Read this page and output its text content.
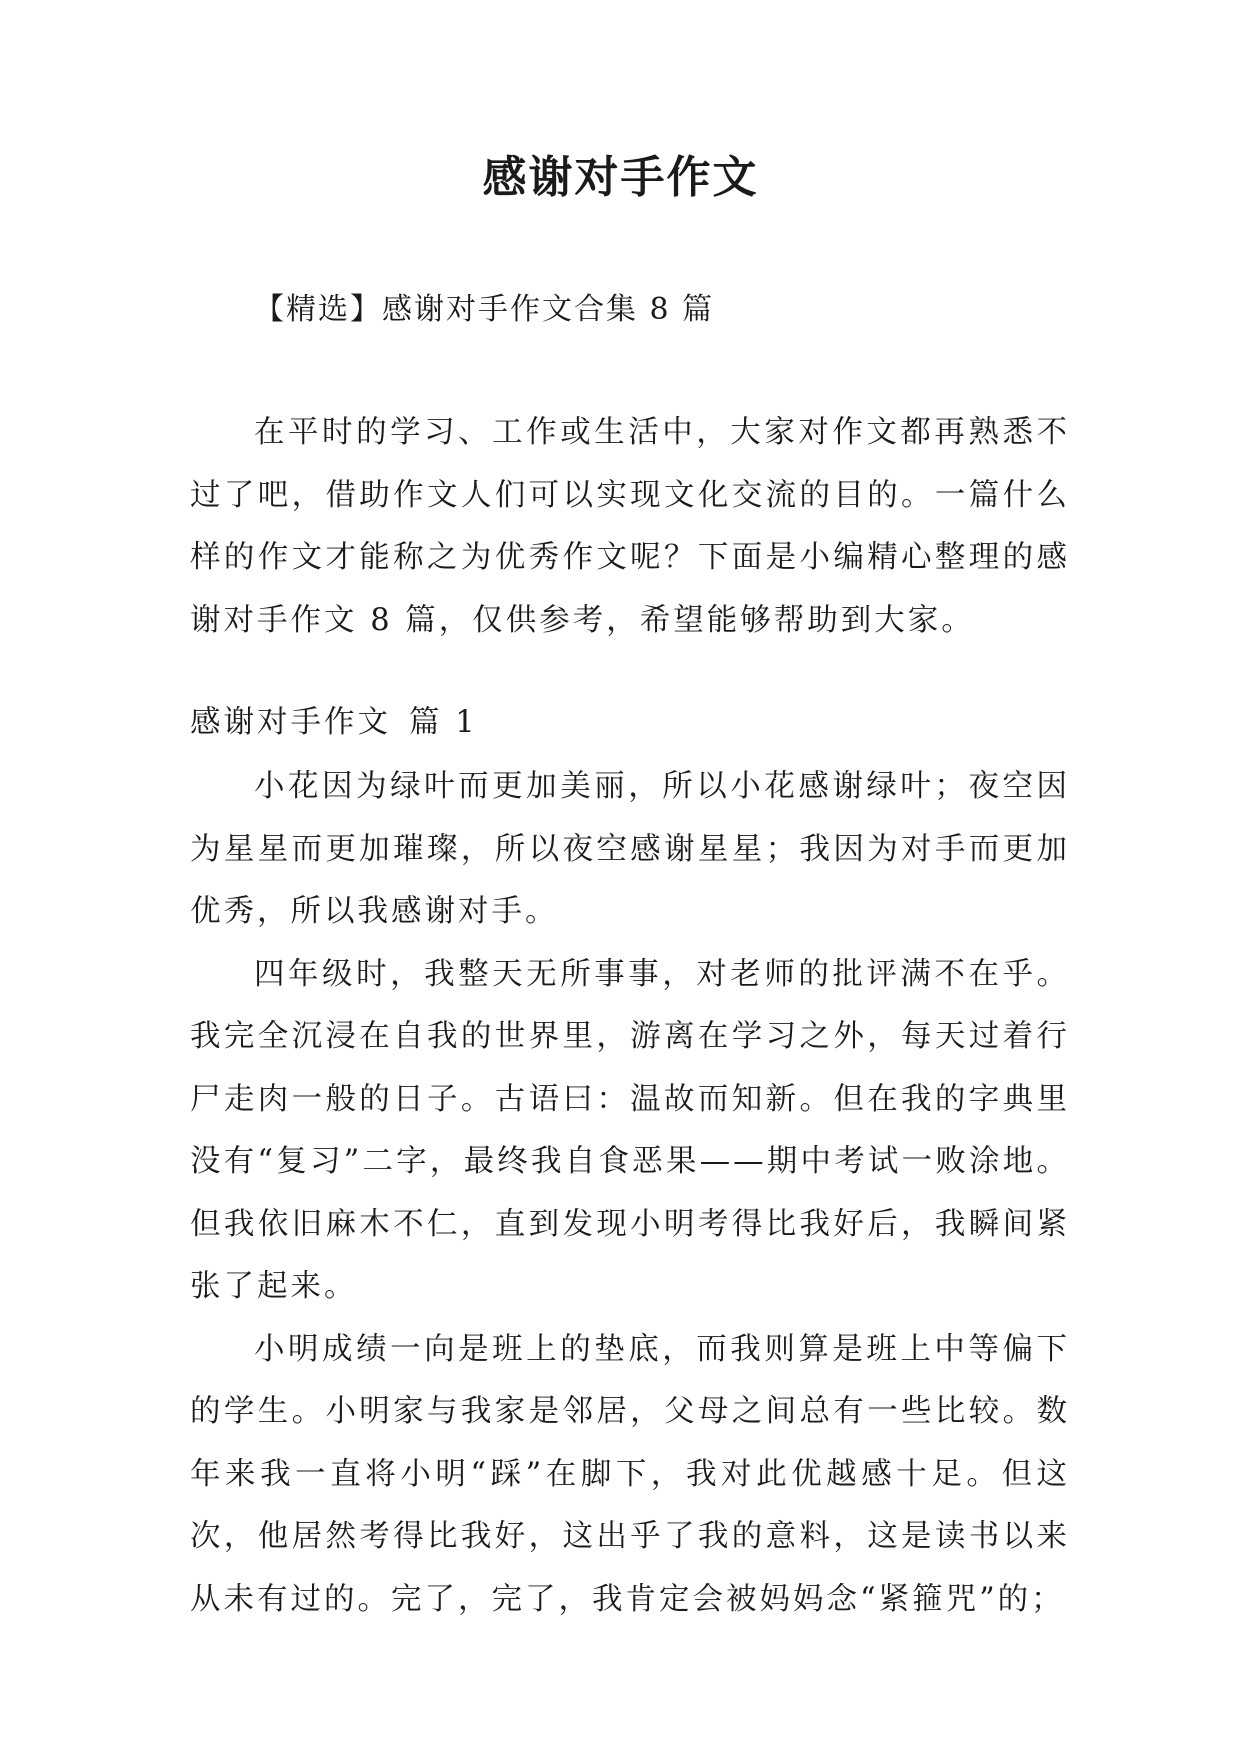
感谢对手作文
【精选】感谢对手作文合集 8 篇

在平时的学习、工作或生活中，大家对作文都再熟悉不过了吧，借助作文人们可以实现文化交流的目的。一篇什么样的作文才能称之为优秀作文呢？下面是小编精心整理的感谢对手作文 8 篇，仅供参考，希望能够帮助到大家。

感谢对手作文 篇 1

小花因为绿叶而更加美丽，所以小花感谢绿叶；夜空因为星星而更加璀璨，所以夜空感谢星星；我因为对手而更加优秀，所以我感谢对手。

四年级时，我整天无所事事，对老师的批评满不在乎。我完全沉浸在自我的世界里，游离在学习之外，每天过着行尸走肉一般的日子。古语曰：温故而知新。但在我的字典里没有“复习”二字，最终我自食恶果——期中考试一败涂地。但我依旧麻木不仁，直到发现小明考得比我好后，我瞬间紧张了起来。

小明成绩一向是班上的垫底，而我则算是班上中等偏下的学生。小明家与我家是邻居，父母之间总有一些比较。数年来我一直将小明“踩”在脚下，我对此优越感十足。但这次，他居然考得比我好，这出乎了我的意料，这是读书以来从未有过的。完了，完了，我肯定会被妈妈念“紧箍咒”的；
